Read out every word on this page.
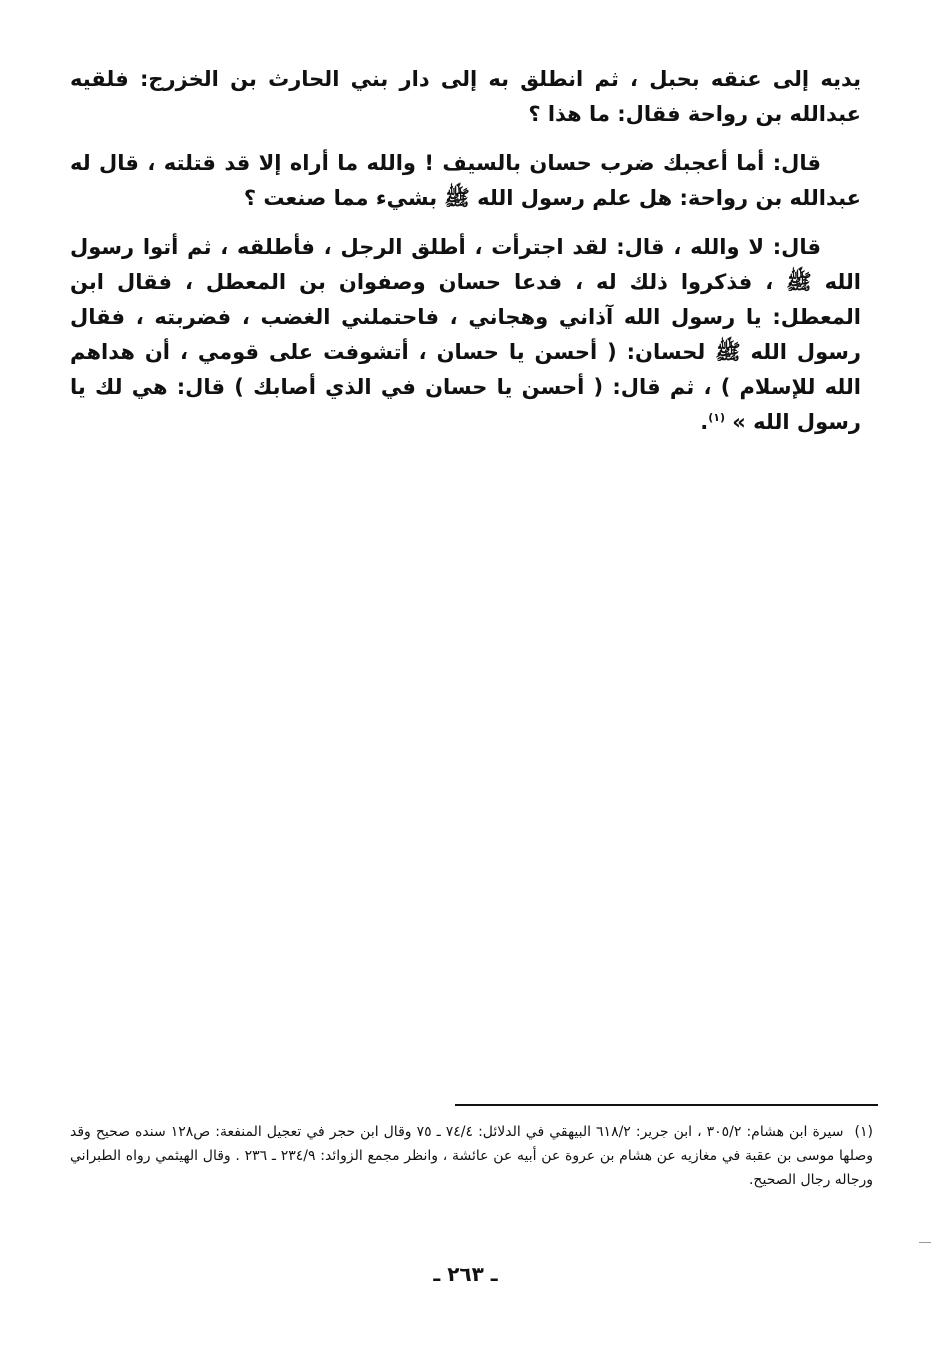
يديه إلى عنقه بحبل ، ثم انطلق به إلى دار بني الحارث بن الخزرج: فلقيه عبدالله بن رواحة فقال: ما هذا ؟

قال: أما أعجبك ضرب حسان بالسيف ! والله ما أراه إلا قد قتلته ، قال له عبدالله بن رواحة: هل علم رسول الله ﷺ بشيء مما صنعت ؟

قال: لا والله ، قال: لقد اجترأت ، أطلق الرجل ، فأطلقه ، ثم أتوا رسول الله ﷺ ، فذكروا ذلك له ، فدعا حسان وصفوان بن المعطل ، فقال ابن المعطل: يا رسول الله آذاني وهجاني ، فاحتملني الغضب ، فضربته ، فقال رسول الله ﷺ لحسان: ( أحسن يا حسان ، أتشوفت على قومي ، أن هداهم الله للإسلام ) ، ثم قال: ( أحسن يا حسان في الذي أصابك ) قال: هي لك يا رسول الله » $^{(١)}$.

(١) سيرة ابن هشام: ٣٠٥/٢ ، ابن جرير: ٦١٨/٢ البيهقي في الدلائل: ٧٤/٤ ـ ٧٥ وقال ابن حجر في تعجيل المنفعة: ص١٢٨ سنده صحيح وقد وصلها موسى بن عقبة في مغازيه عن هشام بن عروة عن أبيه عن عائشة ، وانظر مجمع الزوائد: ٢٣٤/٩ ـ ٢٣٦ . وقال الهيثمي رواه الطبراني ورجاله رجال الصحيح.
ـ ٢٦٣ ـ
